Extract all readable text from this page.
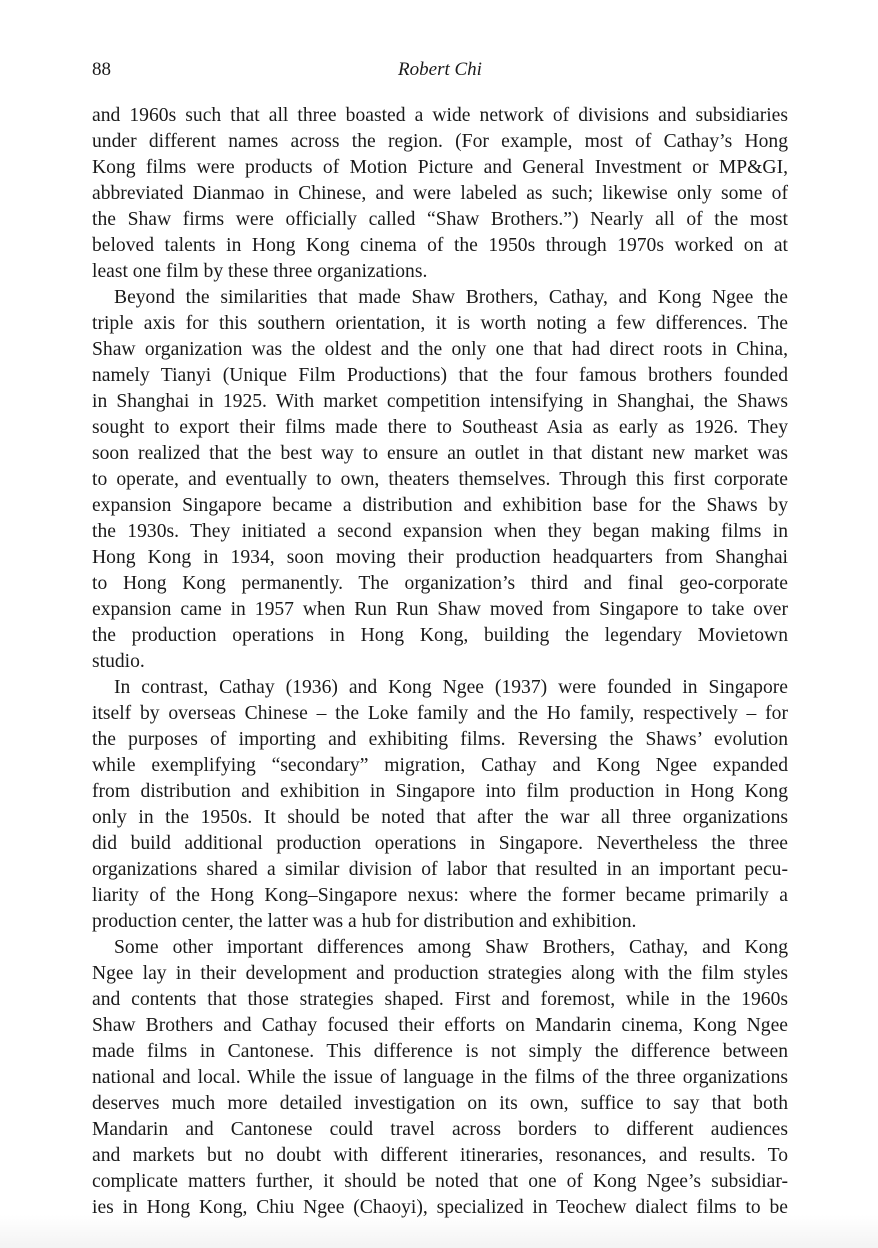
88	Robert Chi
and 1960s such that all three boasted a wide network of divisions and subsidiaries
under different names across the region. (For example, most of Cathay’s Hong
Kong films were products of Motion Picture and General Investment or MP&GI,
abbreviated Dianmao in Chinese, and were labeled as such; likewise only some of
the Shaw firms were officially called “Shaw Brothers.”) Nearly all of the most
beloved talents in Hong Kong cinema of the 1950s through 1970s worked on at
least one film by these three organizations.
Beyond the similarities that made Shaw Brothers, Cathay, and Kong Ngee the
triple axis for this southern orientation, it is worth noting a few differences. The
Shaw organization was the oldest and the only one that had direct roots in China,
namely Tianyi (Unique Film Productions) that the four famous brothers founded
in Shanghai in 1925. With market competition intensifying in Shanghai, the Shaws
sought to export their films made there to Southeast Asia as early as 1926. They
soon realized that the best way to ensure an outlet in that distant new market was
to operate, and eventually to own, theaters themselves. Through this first corporate
expansion Singapore became a distribution and exhibition base for the Shaws by
the 1930s. They initiated a second expansion when they began making films in
Hong Kong in 1934, soon moving their production headquarters from Shanghai
to Hong Kong permanently. The organization’s third and final geo-corporate
expansion came in 1957 when Run Run Shaw moved from Singapore to take over
the production operations in Hong Kong, building the legendary Movietown
studio.
In contrast, Cathay (1936) and Kong Ngee (1937) were founded in Singapore
itself by overseas Chinese – the Loke family and the Ho family, respectively – for
the purposes of importing and exhibiting films. Reversing the Shaws’ evolution
while exemplifying “secondary” migration, Cathay and Kong Ngee expanded
from distribution and exhibition in Singapore into film production in Hong Kong
only in the 1950s. It should be noted that after the war all three organizations
did build additional production operations in Singapore. Nevertheless the three
organizations shared a similar division of labor that resulted in an important pecu-
liarity of the Hong Kong–Singapore nexus: where the former became primarily a
production center, the latter was a hub for distribution and exhibition.
Some other important differences among Shaw Brothers, Cathay, and Kong
Ngee lay in their development and production strategies along with the film styles
and contents that those strategies shaped. First and foremost, while in the 1960s
Shaw Brothers and Cathay focused their efforts on Mandarin cinema, Kong Ngee
made films in Cantonese. This difference is not simply the difference between
national and local. While the issue of language in the films of the three organizations
deserves much more detailed investigation on its own, suffice to say that both
Mandarin and Cantonese could travel across borders to different audiences
and markets but no doubt with different itineraries, resonances, and results. To
complicate matters further, it should be noted that one of Kong Ngee’s subsidiar-
ies in Hong Kong, Chiu Ngee (Chaoyi), specialized in Teochew dialect films to be
